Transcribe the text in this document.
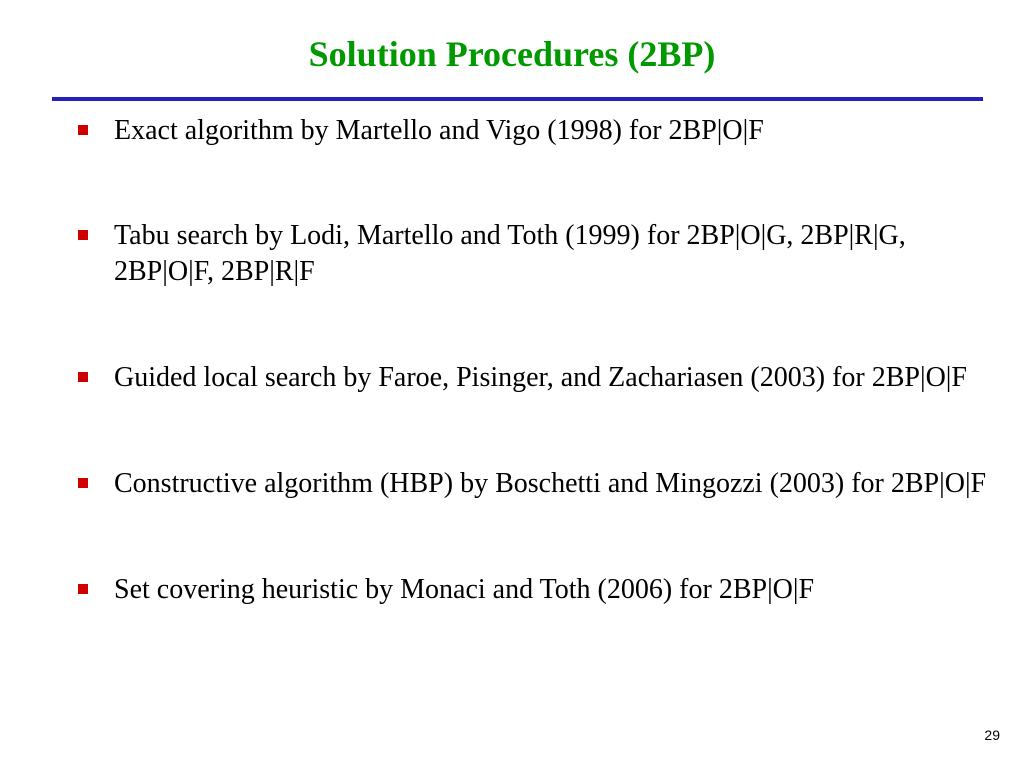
Solution Procedures (2BP)
Exact algorithm by Martello and Vigo (1998) for 2BP|O|F
Tabu search by Lodi, Martello and Toth (1999) for 2BP|O|G, 2BP|R|G, 2BP|O|F, 2BP|R|F
Guided local search by Faroe, Pisinger, and Zachariasen (2003) for 2BP|O|F
Constructive algorithm (HBP) by Boschetti and Mingozzi (2003) for 2BP|O|F
Set covering heuristic by Monaci and Toth (2006) for 2BP|O|F
29
